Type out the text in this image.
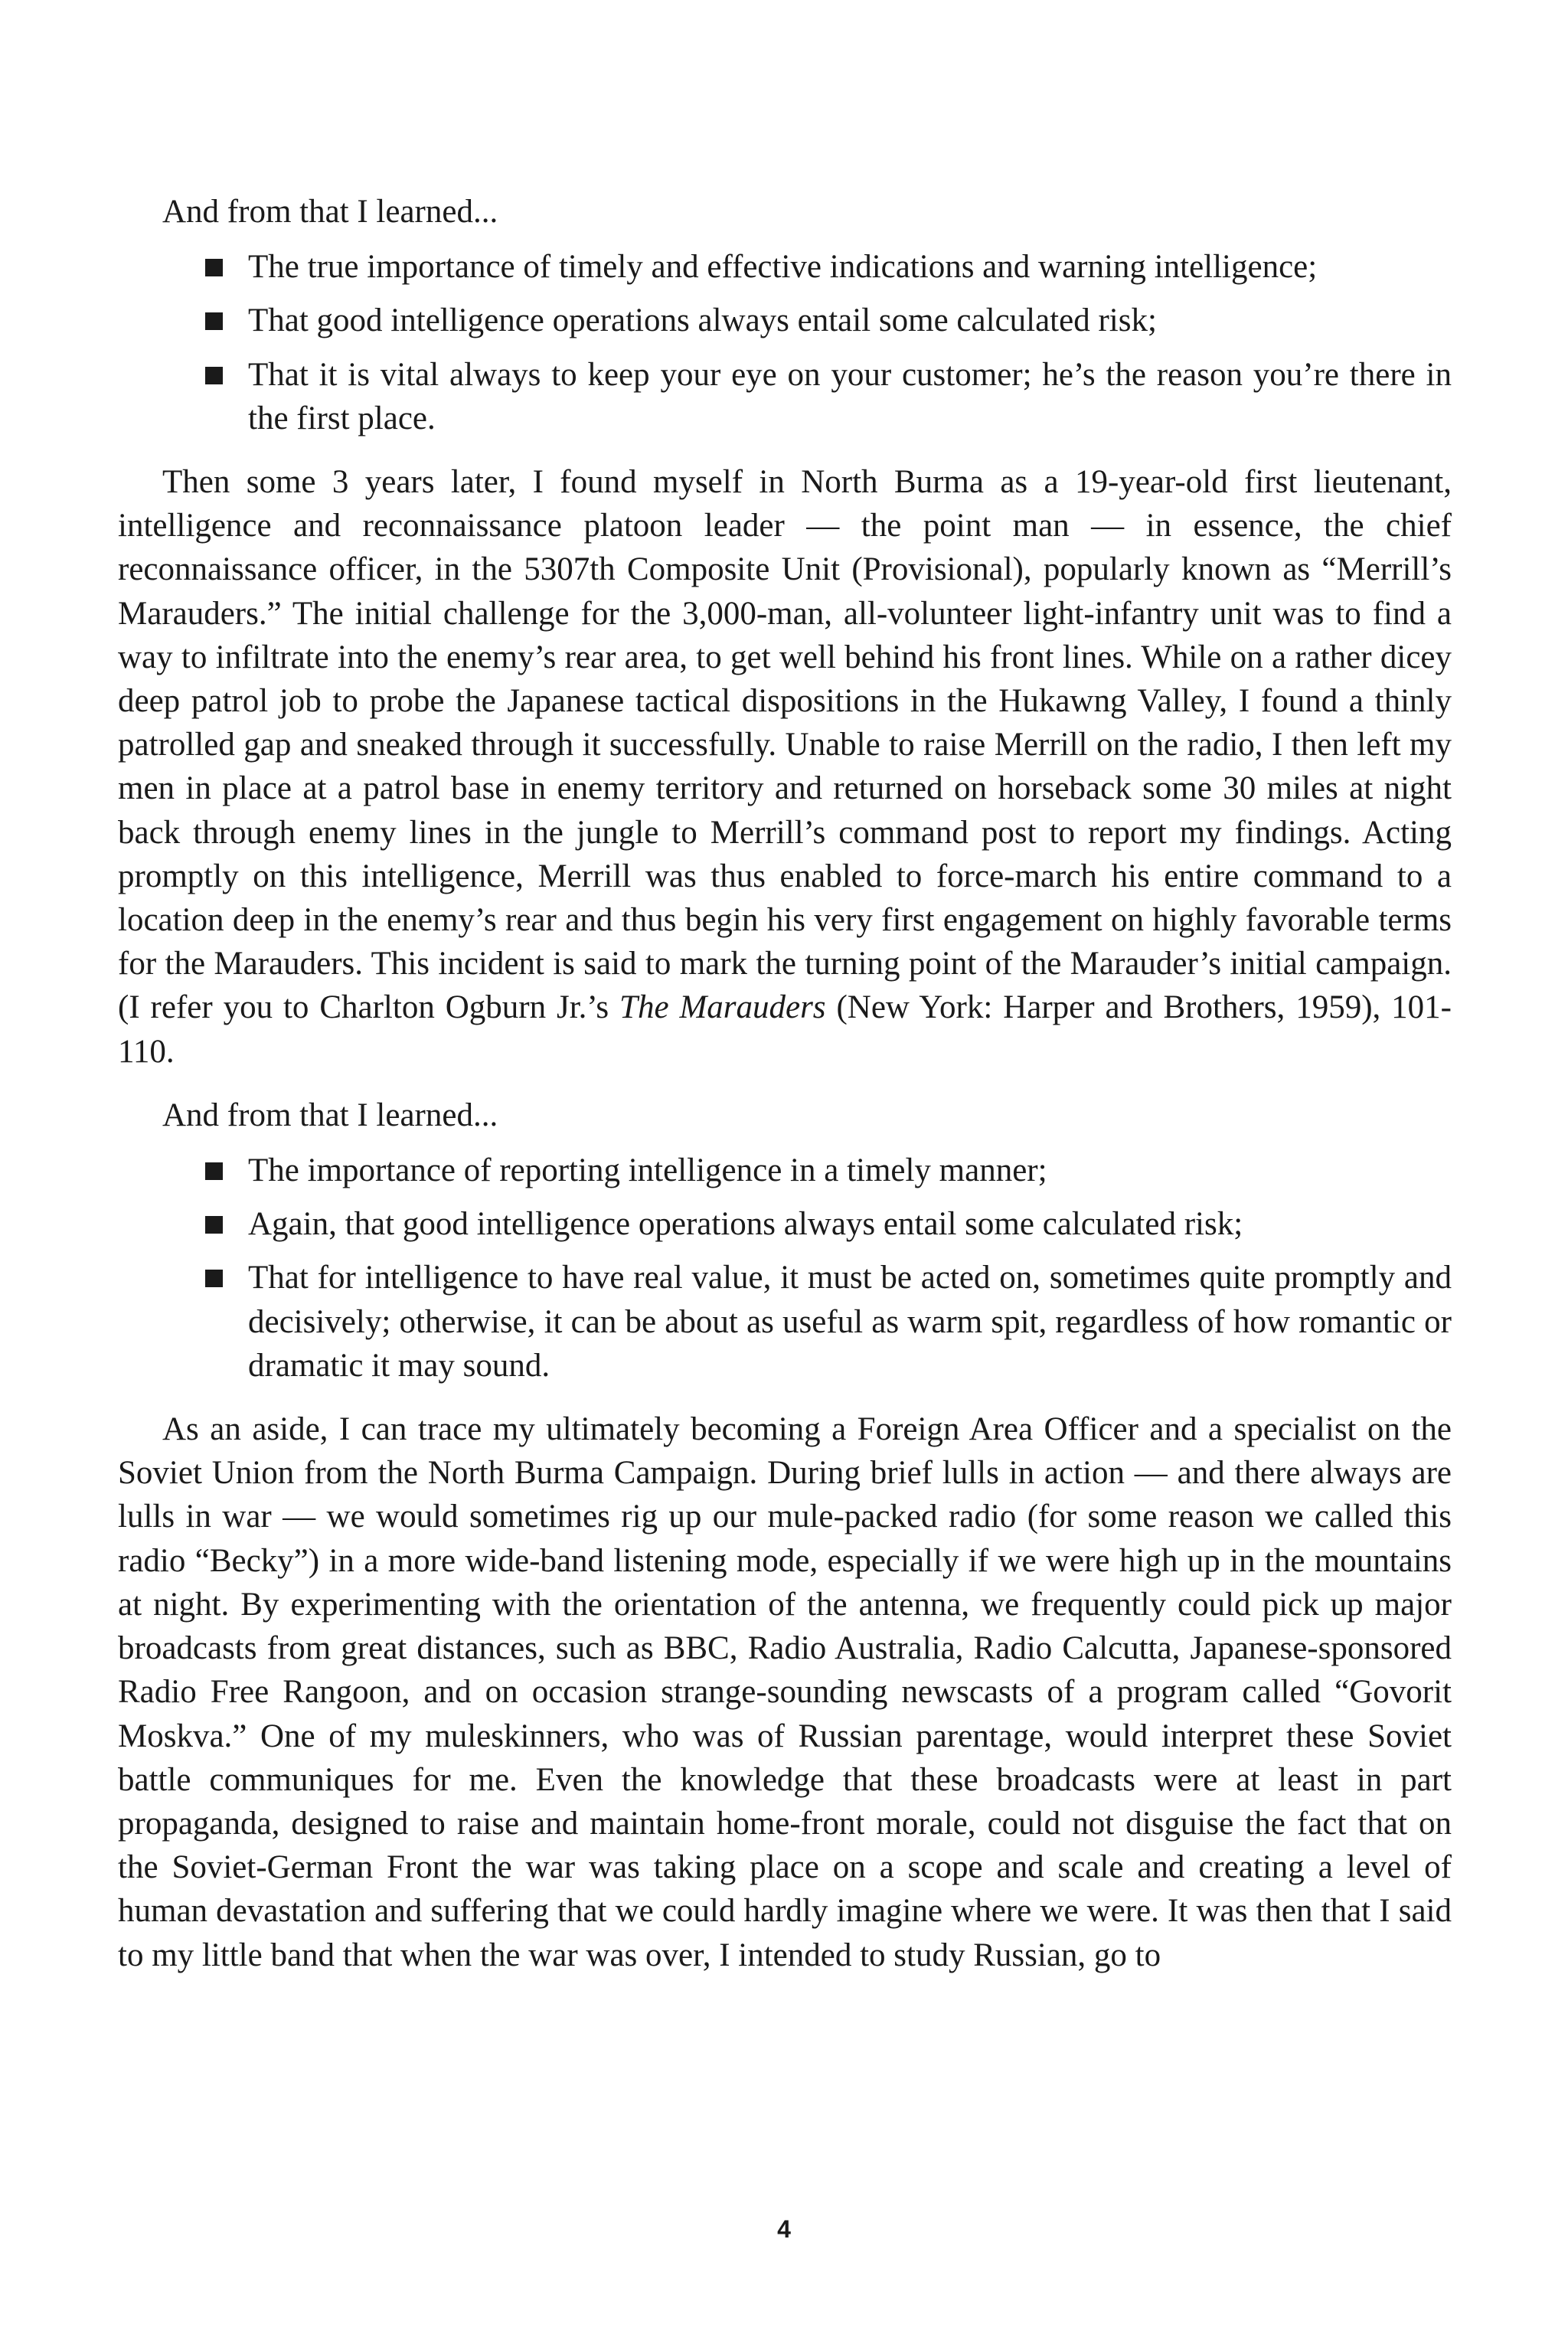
And from that I learned...

The true importance of timely and effective indications and warning intelligence;
That good intelligence operations always entail some calculated risk;
That it is vital always to keep your eye on your customer; he’s the reason you’re there in the first place.

Then some 3 years later, I found myself in North Burma as a 19-year-old first lieutenant, intelligence and reconnaissance platoon leader — the point man — in essence, the chief reconnaissance officer, in the 5307th Composite Unit (Provisional), popularly known as “Merrill’s Marauders.” The initial challenge for the 3,000-man, all-volunteer light-infantry unit was to find a way to infiltrate into the enemy’s rear area, to get well behind his front lines. While on a rather dicey deep patrol job to probe the Japanese tactical dispositions in the Hukawng Valley, I found a thinly patrolled gap and sneaked through it successfully. Unable to raise Merrill on the radio, I then left my men in place at a patrol base in enemy territory and returned on horseback some 30 miles at night back through enemy lines in the jungle to Merrill’s command post to report my findings. Acting promptly on this intelligence, Merrill was thus enabled to force-march his entire command to a location deep in the enemy’s rear and thus begin his very first engagement on highly favorable terms for the Marauders. This incident is said to mark the turning point of the Marauder’s initial campaign. (I refer you to Charlton Ogburn Jr.’s The Marauders (New York: Harper and Brothers, 1959), 101-110.

And from that I learned...

The importance of reporting intelligence in a timely manner;
Again, that good intelligence operations always entail some calculated risk;
That for intelligence to have real value, it must be acted on, sometimes quite promptly and decisively; otherwise, it can be about as useful as warm spit, regardless of how romantic or dramatic it may sound.

As an aside, I can trace my ultimately becoming a Foreign Area Officer and a specialist on the Soviet Union from the North Burma Campaign. During brief lulls in action — and there always are lulls in war — we would sometimes rig up our mule-packed radio (for some reason we called this radio “Becky”) in a more wide-band listening mode, especially if we were high up in the mountains at night. By experimenting with the orientation of the antenna, we frequently could pick up major broadcasts from great distances, such as BBC, Radio Australia, Radio Calcutta, Japanese-sponsored Radio Free Rangoon, and on occasion strange-sounding newscasts of a program called “Govorit Moskva.” One of my muleskinners, who was of Russian parentage, would interpret these Soviet battle communiques for me. Even the knowledge that these broadcasts were at least in part propaganda, designed to raise and maintain home-front morale, could not disguise the fact that on the Soviet-German Front the war was taking place on a scope and scale and creating a level of human devastation and suffering that we could hardly imagine where we were. It was then that I said to my little band that when the war was over, I intended to study Russian, go to

4
